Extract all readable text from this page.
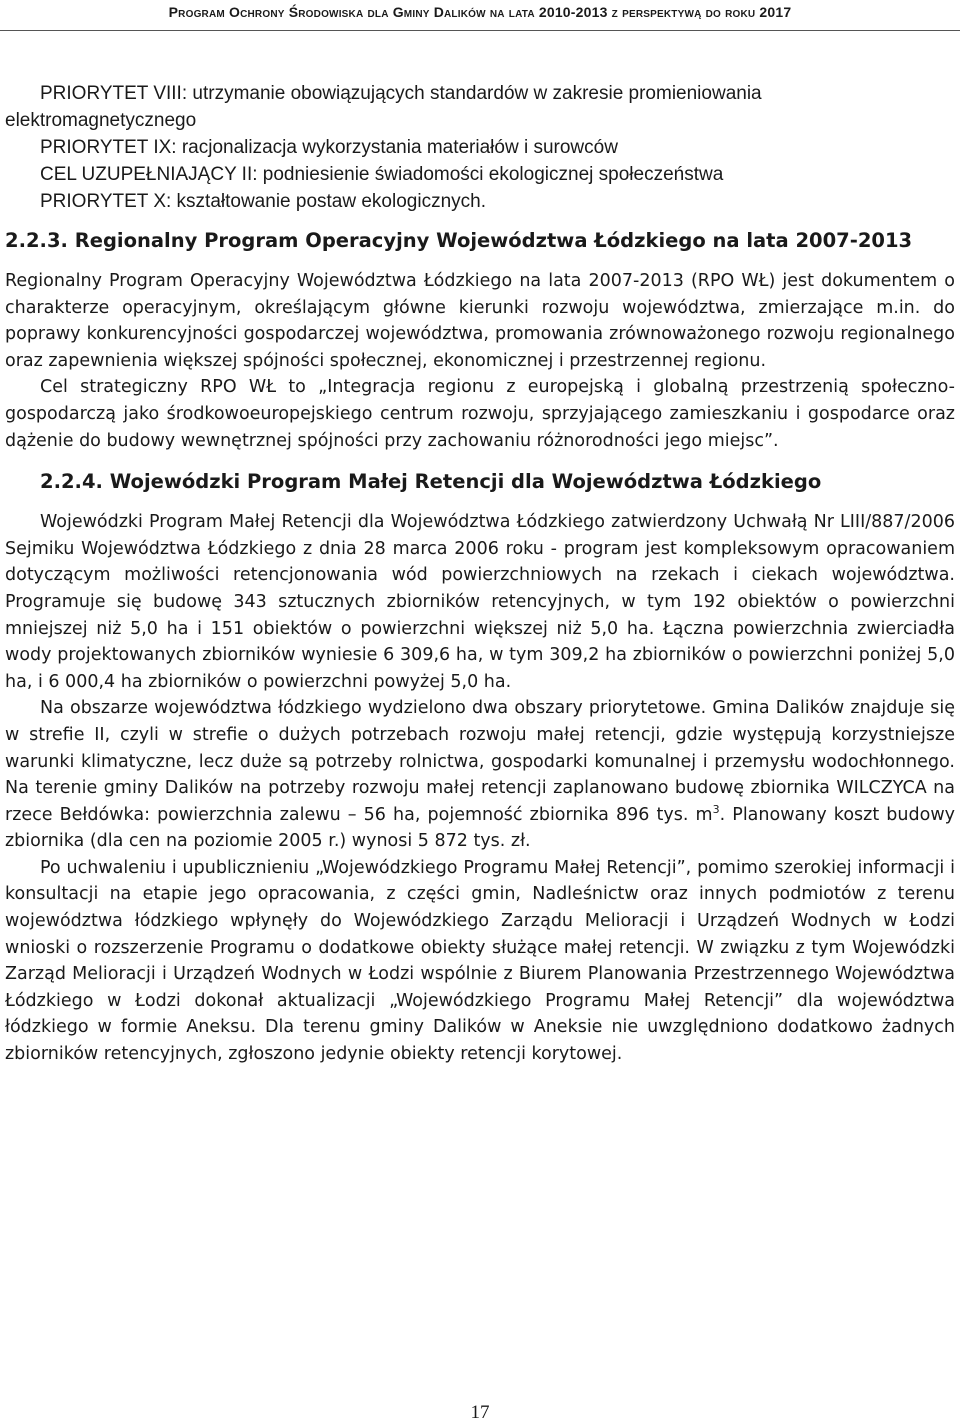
Program Ochrony Środowiska dla Gminy Dalików na lata 2010-2013 z perspektywą do roku 2017

PRIORYTET VIII: utrzymanie obowiązujących standardów w zakresie promieniowania

elektromagnetycznego

PRIORYTET IX: racjonalizacja wykorzystania materiałów i surowców

CEL UZUPEŁNIAJĄCY II: podniesienie świadomości ekologicznej społeczeństwa

PRIORYTET X: kształtowanie postaw ekologicznych.

2.2.3. Regionalny Program Operacyjny Województwa Łódzkiego na lata 2007-2013

Regionalny Program Operacyjny Województwa Łódzkiego na lata 2007-2013 (RPO WŁ) jest dokumentem o charakterze operacyjnym, określającym główne kierunki rozwoju województwa, zmierzające m.in. do poprawy konkurencyjności gospodarczej województwa, promowania zrównoważonego rozwoju regionalnego oraz zapewnienia większej spójności społecznej, ekonomicznej i przestrzennej regionu.

Cel strategiczny RPO WŁ to „Integracja regionu z europejską i globalną przestrzenią społeczno-gospodarczą jako środkowoeuropejskiego centrum rozwoju, sprzyjającego zamieszkaniu i gospodarce oraz dążenie do budowy wewnętrznej spójności przy zachowaniu różnorodności jego miejsc”.

2.2.4. Wojewódzki Program Małej Retencji dla Województwa Łódzkiego

Wojewódzki Program Małej Retencji dla Województwa Łódzkiego zatwierdzony Uchwałą Nr LIII/887/2006 Sejmiku Województwa Łódzkiego z dnia 28 marca 2006 roku - program jest kompleksowym opracowaniem dotyczącym możliwości retencjonowania wód powierzchniowych na rzekach i ciekach województwa. Programuje się budowę 343 sztucznych zbiorników retencyjnych, w tym 192 obiektów o powierzchni mniejszej niż 5,0 ha i 151 obiektów o powierzchni większej niż 5,0 ha. Łączna powierzchnia zwierciadła wody projektowanych zbiorników wyniesie 6 309,6 ha, w tym 309,2 ha zbiorników o powierzchni poniżej 5,0 ha, i 6 000,4 ha zbiorników o powierzchni powyżej 5,0 ha.

Na obszarze województwa łódzkiego wydzielono dwa obszary priorytetowe. Gmina Dalików znajduje się w strefie II, czyli w strefie o dużych potrzebach rozwoju małej retencji, gdzie występują korzystniejsze warunki klimatyczne, lecz duże są potrzeby rolnictwa, gospodarki komunalnej i przemysłu wodochłonnego. Na terenie gminy Dalików na potrzeby rozwoju małej retencji zaplanowano budowę zbiornika WILCZYCA na rzece Bełdówka: powierzchnia zalewu – 56 ha, pojemność zbiornika 896 tys. $m^3$. Planowany koszt budowy zbiornika (dla cen na poziomie 2005 r.) wynosi 5 872 tys. zł.

Po uchwaleniu i upublicznieniu „Wojewódzkiego Programu Małej Retencji”, pomimo szerokiej informacji i konsultacji na etapie jego opracowania, z części gmin, Nadleśnictw oraz innych podmiotów z terenu województwa łódzkiego wpłynęły do Wojewódzkiego Zarządu Melioracji i Urządzeń Wodnych w Łodzi wnioski o rozszerzenie Programu o dodatkowe obiekty służące małej retencji. W związku z tym Wojewódzki Zarząd Melioracji i Urządzeń Wodnych w Łodzi wspólnie z Biurem Planowania Przestrzennego Województwa Łódzkiego w Łodzi dokonał aktualizacji „Wojewódzkiego Programu Małej Retencji” dla województwa łódzkiego w formie Aneksu. Dla terenu gminy Dalików w Aneksie nie uwzględniono dodatkowo żadnych zbiorników retencyjnych, zgłoszono jedynie obiekty retencji korytowej.

17
